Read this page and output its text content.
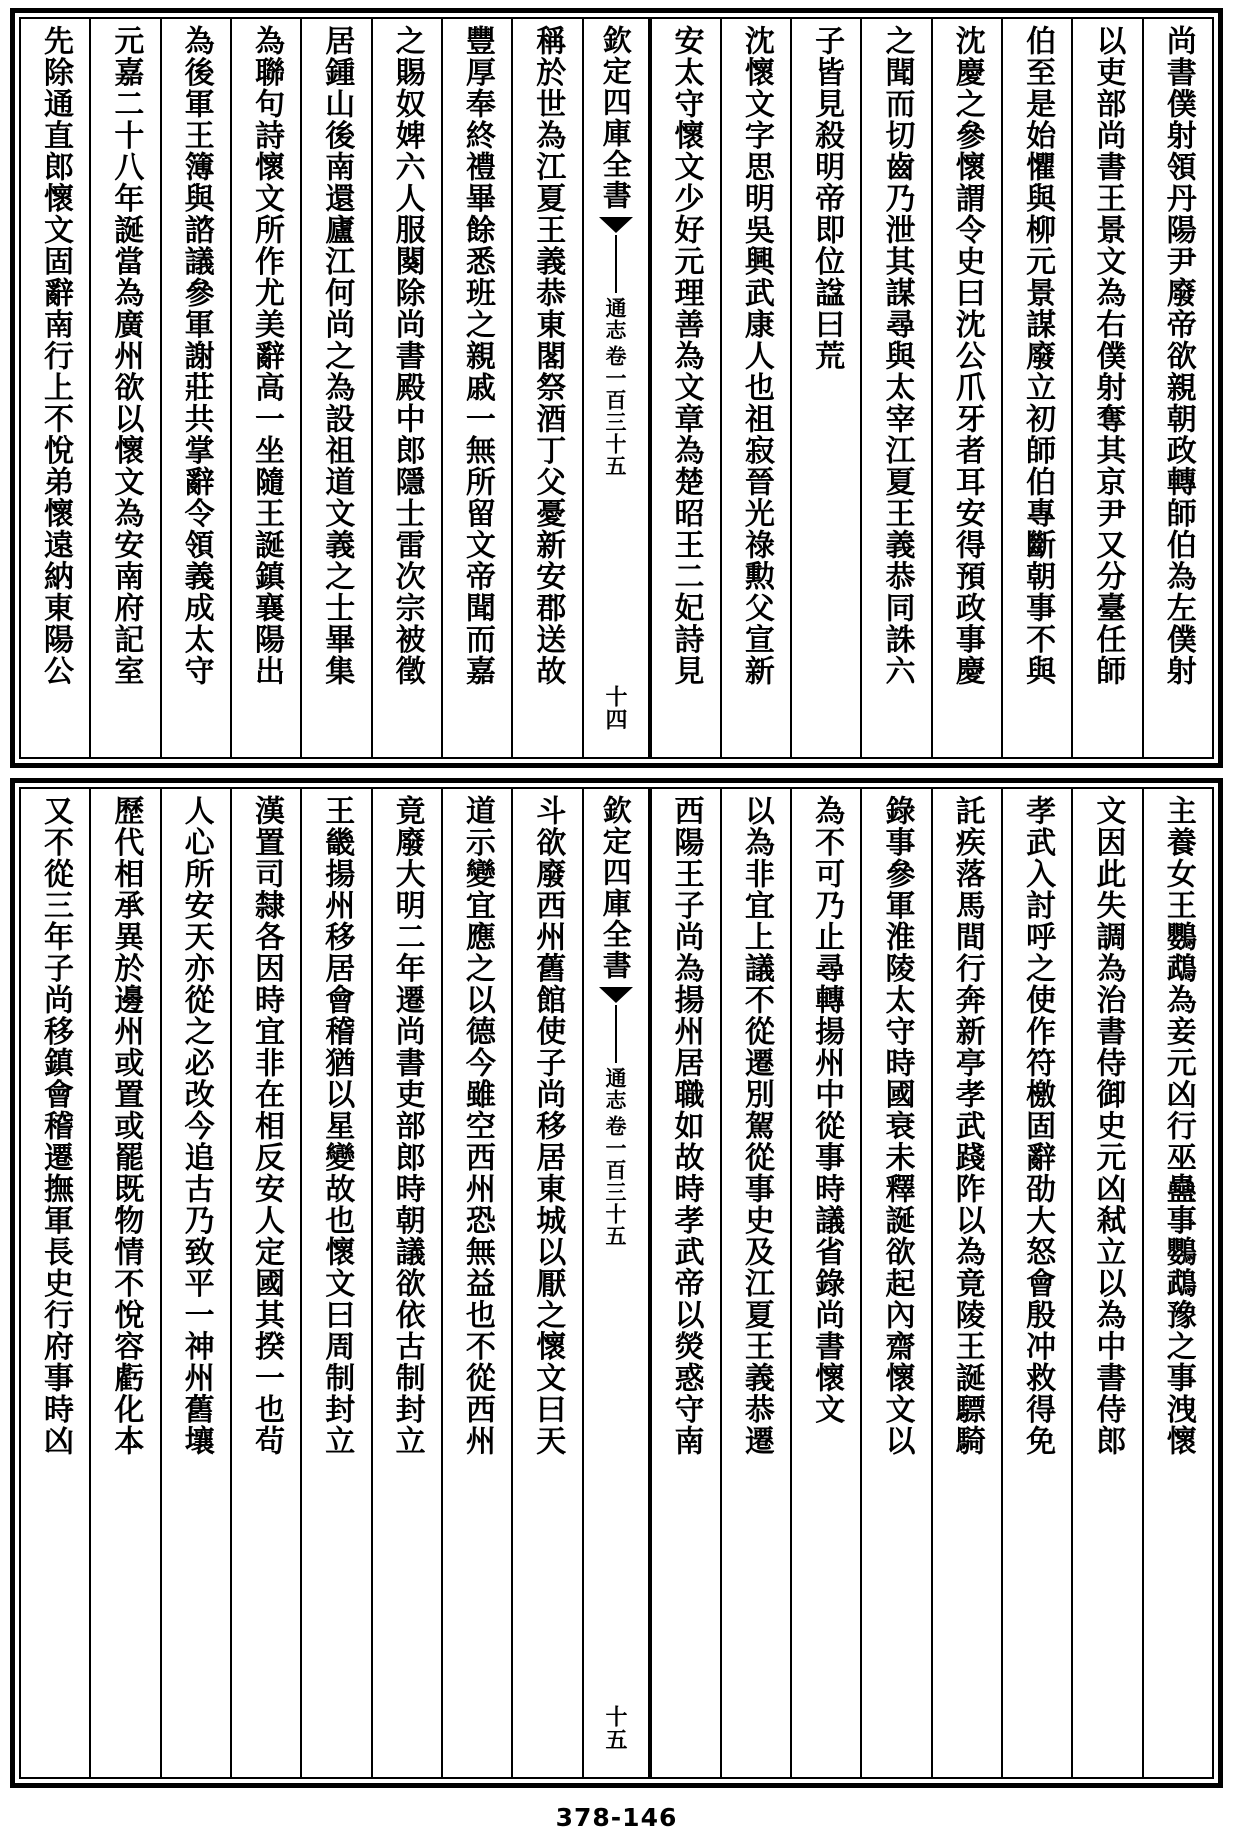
尚書僕射領丹陽尹廢帝欲親朝政轉師伯為左僕射
以吏部尚書王景文為右僕射奪其京尹又分臺任師
伯至是始懼與柳元景謀廢立初師伯專斷朝事不與
沈慶之參懷謂令史曰沈公爪牙者耳安得預政事慶
之聞而切齒乃泄其謀尋與太宰江夏王義恭同誅六
子皆見殺明帝即位諡曰荒
沈懷文字思明吳興武康人也祖寂晉光祿勲父宣新
安太守懷文少好元理善為文章為楚昭王二妃詩見
欽定四庫全書
通志
卷一百三十五
十四
稱於世為江夏王義恭東閣祭酒丁父憂新安郡送故
豐厚奉終禮畢餘悉班之親戚一無所留文帝聞而嘉
之賜奴婢六人服闋除尚書殿中郎隱士雷次宗被徵
居鍾山後南還廬江何尚之為設祖道文義之士畢集
為聯句詩懷文所作尤美辭高一坐隨王誕鎮襄陽出
為後軍王簿與諮議參軍謝莊共掌辭令領義成太守
元嘉二十八年誕當為廣州欲以懷文為安南府記室
先除通直郎懷文固辭南行上不悅弟懷遠納東陽公
主養女王鸚鵡為妾元凶行巫蠱事鸚鵡豫之事洩懷
文因此失調為治書侍御史元凶弒立以為中書侍郎
孝武入討呼之使作符檄固辭劭大怒會殷冲救得免
託疾落馬間行奔新亭孝武踐阼以為竟陵王誕驃騎
錄事參軍淮陵太守時國衰未釋誕欲起內齋懷文以
為不可乃止尋轉揚州中從事時議省錄尚書懷文
以為非宜上議不從遷別駕從事史及江夏王義恭遷
西陽王子尚為揚州居職如故時孝武帝以熒惑守南
欽定四庫全書
通志
卷一百三十五
十五
斗欲廢西州舊館使子尚移居東城以厭之懷文曰天
道示變宜應之以德今雖空西州恐無益也不從西州
竟廢大明二年遷尚書吏部郎時朝議欲依古制封立
王畿揚州移居會稽猶以星變故也懷文曰周制封立
漢置司隸各因時宜非在相反安人定國其揆一也茍
人心所安天亦從之必改今追古乃致平一神州舊壤
歷代相承異於邊州或置或罷既物情不悅容虧化本
又不從三年子尚移鎮會稽遷撫軍長史行府事時凶
378-146
